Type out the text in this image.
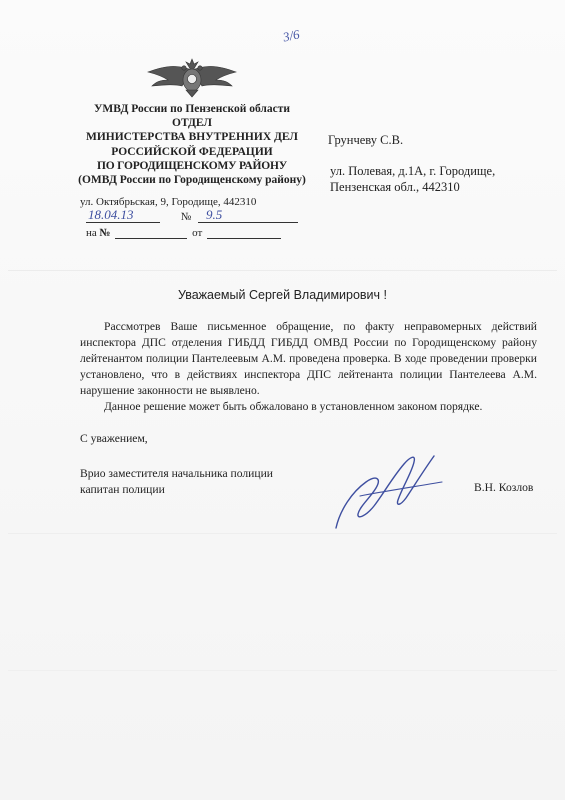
3/6
УМВД России по Пензенской области
ОТДЕЛ
МИНИСТЕРСТВА ВНУТРЕННИХ ДЕЛ
РОССИЙСКОЙ ФЕДЕРАЦИИ
ПО ГОРОДИЩЕНСКОМУ РАЙОНУ
(ОМВД России по Городищенскому району)
ул. Октябрьская, 9, Городище, 442310
18.04.13	№ 9.5
на №	от
Грунчеву С.В.
ул. Полевая, д.1А, г. Городище,
Пензенская обл., 442310
Уважаемый Сергей Владимирович !

Рассмотрев Ваше письменное обращение, по факту неправомерных действий инспектора ДПС отделения ГИБДД ГИБДД ОМВД России по Городищенскому району лейтенантом полиции Пантелеевым А.М. проведена проверка. В ходе проведении проверки установлено, что в действиях инспектора ДПС лейтенанта полиции Пантелеева А.М. нарушение законности не выявлено.

Данное решение может быть обжаловано в установленном законом порядке.

С уважением,
Врио заместителя начальника полиции
капитан полиции	В.Н. Козлов
